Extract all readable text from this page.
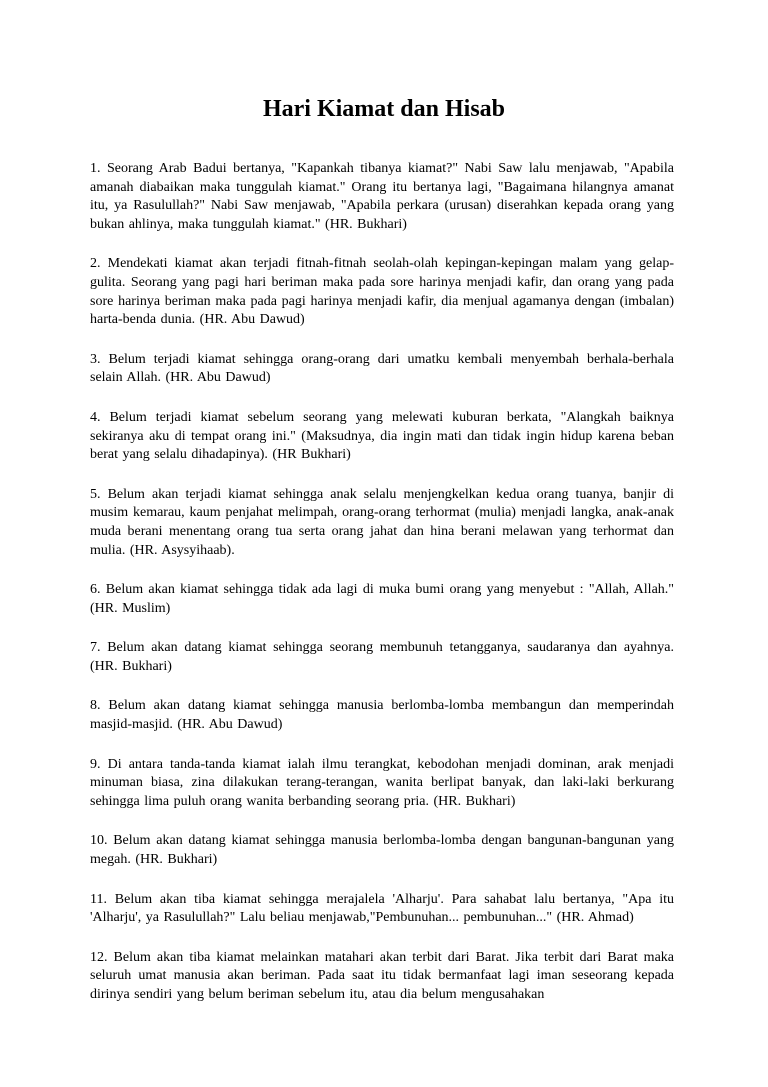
Hari Kiamat dan Hisab

1. Seorang Arab Badui bertanya, "Kapankah tibanya kiamat?" Nabi Saw lalu menjawab, "Apabila amanah diabaikan maka tunggulah kiamat." Orang itu bertanya lagi, "Bagaimana hilangnya amanat itu, ya Rasulullah?" Nabi Saw menjawab, "Apabila perkara (urusan) diserahkan kepada orang yang bukan ahlinya, maka tunggulah kiamat." (HR. Bukhari)

2. Mendekati kiamat akan terjadi fitnah-fitnah seolah-olah kepingan-kepingan malam yang gelap-gulita. Seorang yang pagi hari beriman maka pada sore harinya menjadi kafir, dan orang yang pada sore harinya beriman maka pada pagi harinya menjadi kafir, dia menjual agamanya dengan (imbalan) harta-benda dunia. (HR. Abu Dawud)

3. Belum terjadi kiamat sehingga orang-orang dari umatku kembali menyembah berhala-berhala selain Allah. (HR. Abu Dawud)

4. Belum terjadi kiamat sebelum seorang yang melewati kuburan berkata, "Alangkah baiknya sekiranya aku di tempat orang ini." (Maksudnya, dia ingin mati dan tidak ingin hidup karena beban berat yang selalu dihadapinya). (HR Bukhari)

5. Belum akan terjadi kiamat sehingga anak selalu menjengkelkan kedua orang tuanya, banjir di musim kemarau, kaum penjahat melimpah, orang-orang terhormat (mulia) menjadi langka, anak-anak muda berani menentang orang tua serta orang jahat dan hina berani melawan yang terhormat dan mulia. (HR. Asysyihaab).

6. Belum akan kiamat sehingga tidak ada lagi di muka bumi orang yang menyebut : "Allah, Allah." (HR. Muslim)

7. Belum akan datang kiamat sehingga seorang membunuh tetangganya, saudaranya dan ayahnya. (HR. Bukhari)

8. Belum akan datang kiamat sehingga manusia berlomba-lomba membangun dan memperindah masjid-masjid. (HR. Abu Dawud)

9. Di antara tanda-tanda kiamat ialah ilmu terangkat, kebodohan menjadi dominan, arak menjadi minuman biasa, zina dilakukan terang-terangan, wanita berlipat banyak, dan laki-laki berkurang sehingga lima puluh orang wanita berbanding seorang pria. (HR. Bukhari)

10. Belum akan datang kiamat sehingga manusia berlomba-lomba dengan bangunan-bangunan yang megah. (HR. Bukhari)

11. Belum akan tiba kiamat sehingga merajalela 'Alharju'. Para sahabat lalu bertanya, "Apa itu 'Alharju', ya Rasulullah?" Lalu beliau menjawab,"Pembunuhan... pembunuhan..." (HR. Ahmad)

12. Belum akan tiba kiamat melainkan matahari akan terbit dari Barat. Jika terbit dari Barat maka seluruh umat manusia akan beriman. Pada saat itu tidak bermanfaat lagi iman seseorang kepada dirinya sendiri yang belum beriman sebelum itu, atau dia belum mengusahakan
